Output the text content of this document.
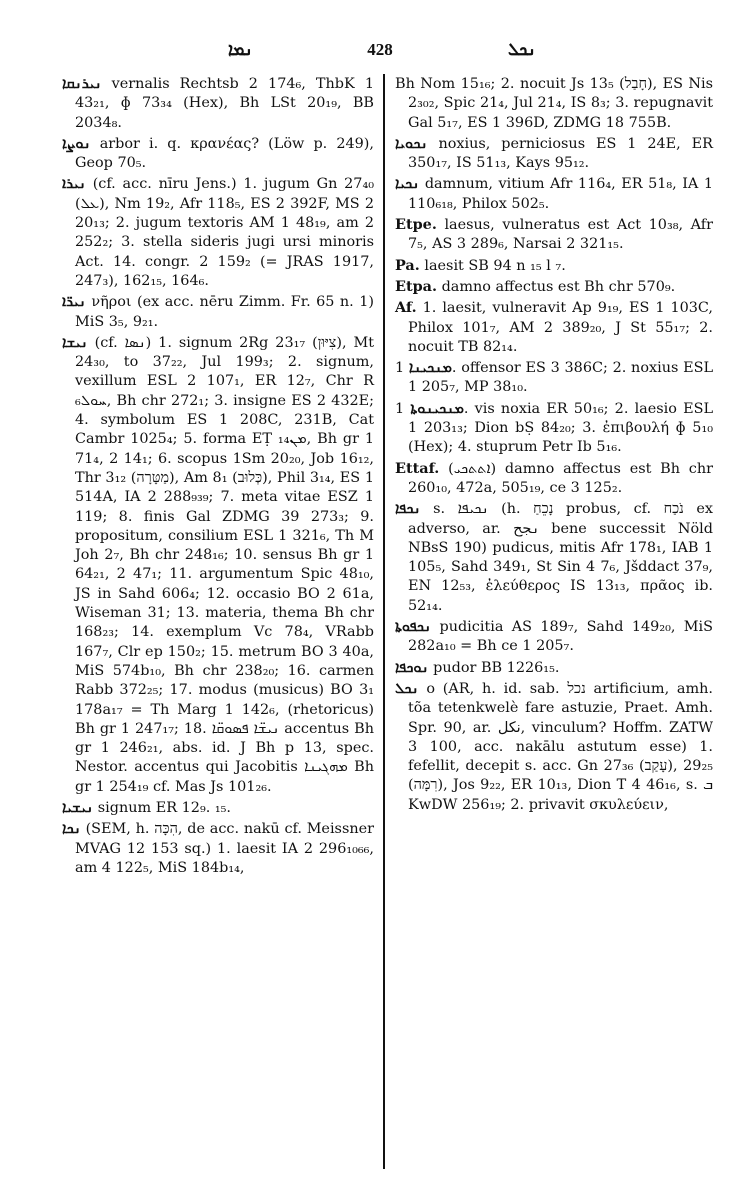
ܢܡܐ	428	ܢܟܠ

ܢܝܪܢܩܐ vernalis Rechtsb 2 174₆, ThbK 1 43₂₁, ɸ 73₃₄ (Hex), Bh LSt 20₁₉, BB 2034₈.

ܢܘܨܐ arbor i. q. κρανέας? (Löw p. 249), Geop 70₅.

ܢܝܪܐ (cf. acc. nīru Jens.) 1. jugum Gn 27₄₀ (ܥܠ), Nm 19₂, Afr 118₅, ES 2 392F, MS 2 20₁₃; 2. jugum textoris AM 1 48₁₉, am 2 252₂; 3. stella sideris jugi ursi minoris Act. 14. congr. 2 159₂ (= JRAS 1917, 247₃), 162₁₅, 164₆.

ܢܝܪ̈ܐ νῆροι (ex acc. nēru Zimm. Fr. 65 n. 1) MiS 3₅, 9₂₁.

ܢܝܫܐ (cf. ܢܣܐ) 1. signum 2Rg 23₁₇ (צִיּוּן), Mt 24₃₀, to 37₂₂, Jul 199₃; 2. signum, vexillum ESL 2 107₁, ER 12₇, Chr R ܚܘܠ₆, Bh chr 272₁; 3. insigne ES 2 432E; 4. symbolum ES 1 208C, 231B, Cat Cambr 1025₄; 5. forma EṬ ܡܢ₁₄, Bh gr 1 71₄, 2 14₁; 6. scopus 1Sm 20₂₀, Job 16₁₂, Thr 3₁₂ (מַטָּרָה), Am 8₁ (כְּלוּב), Phil 3₁₄, ES 1 514A, IA 2 288₉₃₉; 7. meta vitae ESZ 1 119; 8. finis Gal ZDMG 39 273₃; 9. propositum, consilium ESL 1 321₆, Th M Joh 2₇, Bh chr 248₁₆; 10. sensus Bh gr 1 64₂₁, 2 47₁; 11. argumentum Spic 48₁₀, JS in Sahd 606₄; 12. occasio BO 2 61a, Wiseman 31; 13. materia, thema Bh chr 168₂₃; 14. exemplum Vc 78₄, VRabb 167₇, Clr ep 150₂; 15. metrum BO 3 40a, MiS 574b₁₀, Bh chr 238₂₀; 16. carmen Rabb 372₂₅; 17. modus (musicus) BO 3₁ 178a₁₇ = Th Marg 1 142₆, (rhetoricus) Bh gr 1 247₁₇; 18. ܢܝܫ̈ܐ ܦܣܘܩ̈ܐ accentus Bh gr 1 246₂₁, abs. id. J Bh p 13, spec. Nestor. accentus qui Jacobitis ܡܗܓܝܢܐ Bh gr 1 254₁₉ cf. Mas Js 101₂₆.

ܢܝܫܝܐ signum ER 12₉. ₁₅.

ܢܟܐ (SEM, h. הִכָּה, de acc. nakū cf. Meissner MVAG 12 153 sq.) 1. laesit IA 2 296₁₀₆₆, am 4 122₅, MiS 184b₁₄,

Bh Nom 15₁₆; 2. nocuit Js 13₅ (חָבַל), ES Nis 2₃₀₂, Spic 21₄, Jul 21₄, IS 8₃; 3. repugnavit Gal 5₁₇, ES 1 396D, ZDMG 18 755B.

ܢܟܘܝܐ noxius, perniciosus ES 1 24E, ER 350₁₇, IS 51₁₃, Kays 95₁₂.

ܢܟܝܐ damnum, vitium Afr 116₄, ER 51₈, IA 1 110₆₁₈, Philox 502₅.

Etpe. laesus, vulneratus est Act 10₃₈, Afr 7₅, AS 3 289₆, Narsai 2 321₁₅.

Pa. laesit SB 94 n ₁₅ l ₇.

Etpa. damno affectus est Bh chr 570₉.

Af. 1. laesit, vulneravit Ap 9₁₉, ES 1 103C, Philox 101₇, AM 2 389₂₀, J St 55₁₇; 2. nocuit TB 82₁₄.

ܡܢܟܝܢܐ 1. offensor ES 3 386C; 2. noxius ESL 1 205₇, MP 38₁₀.

ܡܢܟܝܢܘܬܐ 1. vis noxia ER 50₁₆; 2. laesio ESL 1 203₁₃; Dion bṢ 84₂₀; 3. ἐπιβουλή ɸ 5₁₀ (Hex); 4. stuprum Petr Ib 5₁₆.

Ettaf. (ܐܬܬܟܝ) damno affectus est Bh chr 260₁₀, 472a, 505₁₉, ce 3 125₂.

ܢܟܦܐ s. ܢܟܝܦܐ (h. נָכֵחַ probus, cf. נֹכַח ex adverso, ar. ܢجح bene successit Nöld NBsS 190) pudicus, mitis Afr 178₁, IAB 1 105₅, Sahd 349₁, St Sin 4 7₆, Jšddact 37₉, EN 12₅₃, ἐλεύθερος IS 13₁₃, πρᾶος ib. 52₁₄.

ܢܟܦܘܬܐ pudicitia AS 189₇, Sahd 149₂₀, MiS 282a₁₀ = Bh ce 1 205₇.

ܢܘܟܦܐ pudor BB 1226₁₅.

ܢܟܠ o (AR, h. id. sab. נכל artificium, amh. tõa tetenkwelè fare astuzie, Praet. Amh. Spr. 90, ar. نكل, vinculum? Hoffm. ZATW 3 100, acc. nakālu astutum esse) 1. fefellit, decepit s. acc. Gn 27₃₆ (עָקַב), 29₂₅ (רִמָּה), Jos 9₂₂, ER 10₁₃, Dion T 4 46₁₆, s. ܒ KwDW 256₁₉; 2. privavit σκυλεύειν,
